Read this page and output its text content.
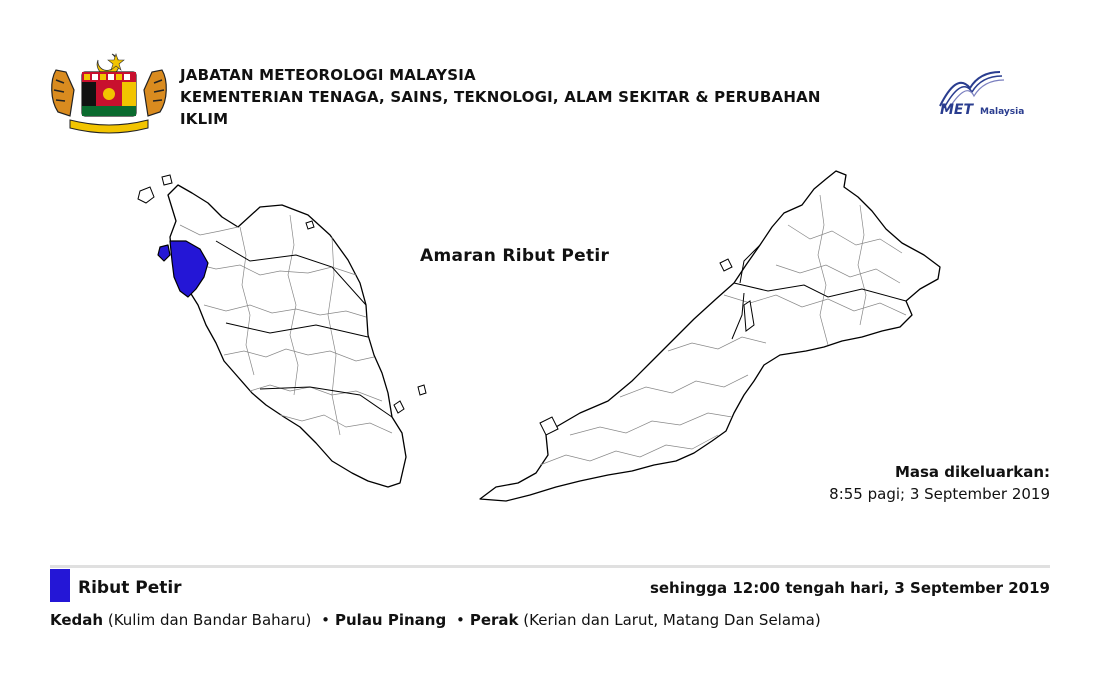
JABATAN METEOROLOGI MALAYSIA
KEMENTERIAN TENAGA, SAINS, TEKNOLOGI, ALAM SEKITAR & PERUBAHAN
IKLIM	MET Malaysia
Amaran Ribut Petir
Masa dikeluarkan:
8:55 pagi; 3 September 2019
Ribut Petir	sehingga 12:00 tengah hari, 3 September 2019
Kedah (Kulim dan Bandar Baharu) • Pulau Pinang • Perak (Kerian dan Larut, Matang Dan Selama)
